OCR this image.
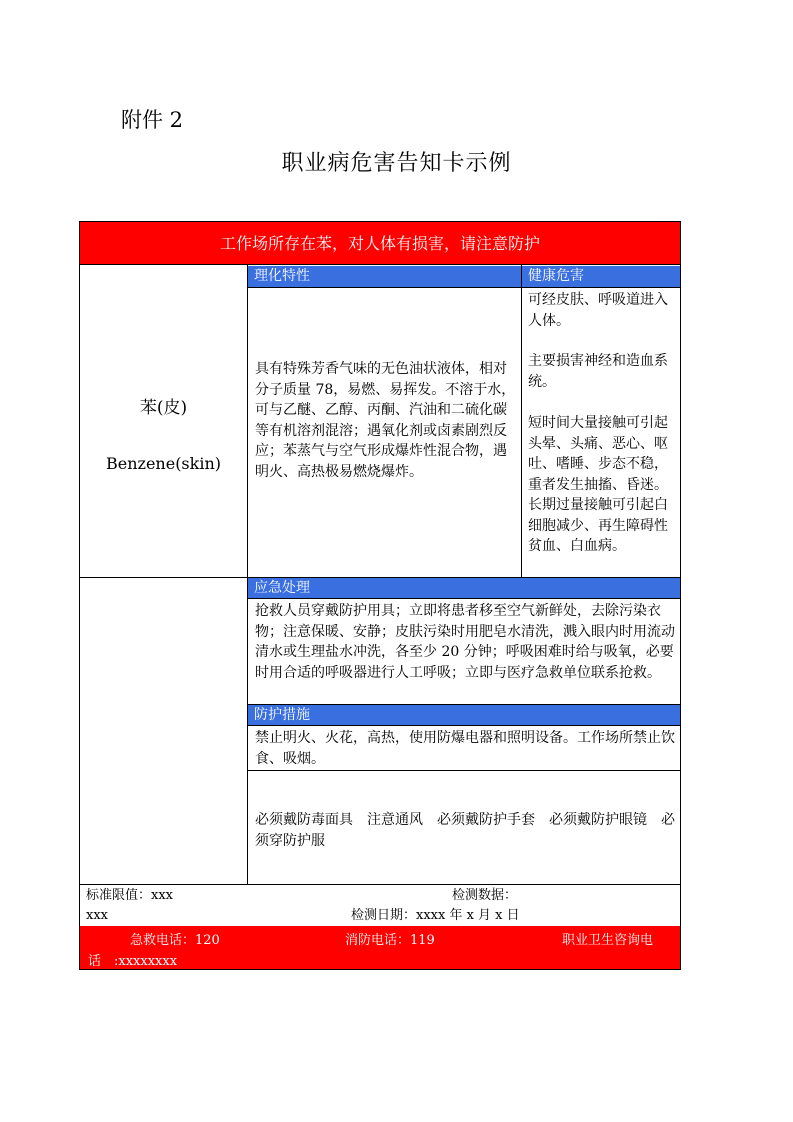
附件 2
职业病危害告知卡示例
工作场所存在苯，对人体有损害，请注意防护
苯(皮)
Benzene(skin)
理化特性
具有特殊芳香气味的无色油状液体，相对分子质量 78，易燃、易挥发。不溶于水，可与乙醚、乙醇、丙酮、汽油和二硫化碳等有机溶剂混溶；遇氧化剂或卤素剧烈反应；苯蒸气与空气形成爆炸性混合物，遇明火、高热极易燃烧爆炸。
健康危害
可经皮肤、呼吸道进入人体。
主要损害神经和造血系统。
短时间大量接触可引起头晕、头痛、恶心、呕吐、嗜睡、步态不稳，重者发生抽搐、昏迷。长期过量接触可引起白细胞减少、再生障碍性贫血、白血病。
应急处理
抢救人员穿戴防护用具；立即将患者移至空气新鲜处，去除污染衣物；注意保暖、安静；皮肤污染时用肥皂水清洗，溅入眼内时用流动清水或生理盐水冲洗，各至少 20 分钟；呼吸困难时给与吸氧，必要时用合适的呼吸器进行人工呼吸；立即与医疗急救单位联系抢救。
防护措施
禁止明火、火花，高热，使用防爆电器和照明设备。工作场所禁止饮食、吸烟。
必须戴防毒面具　注意通风　必须戴防护手套　必须戴防护眼镜　必须穿防护服
标准限值：xxx	检测数据：
xxx	检测日期：xxxx 年 x 月 x 日
急救电话：120	消防电话：119	职业卫生咨询电
话　:xxxxxxxx
